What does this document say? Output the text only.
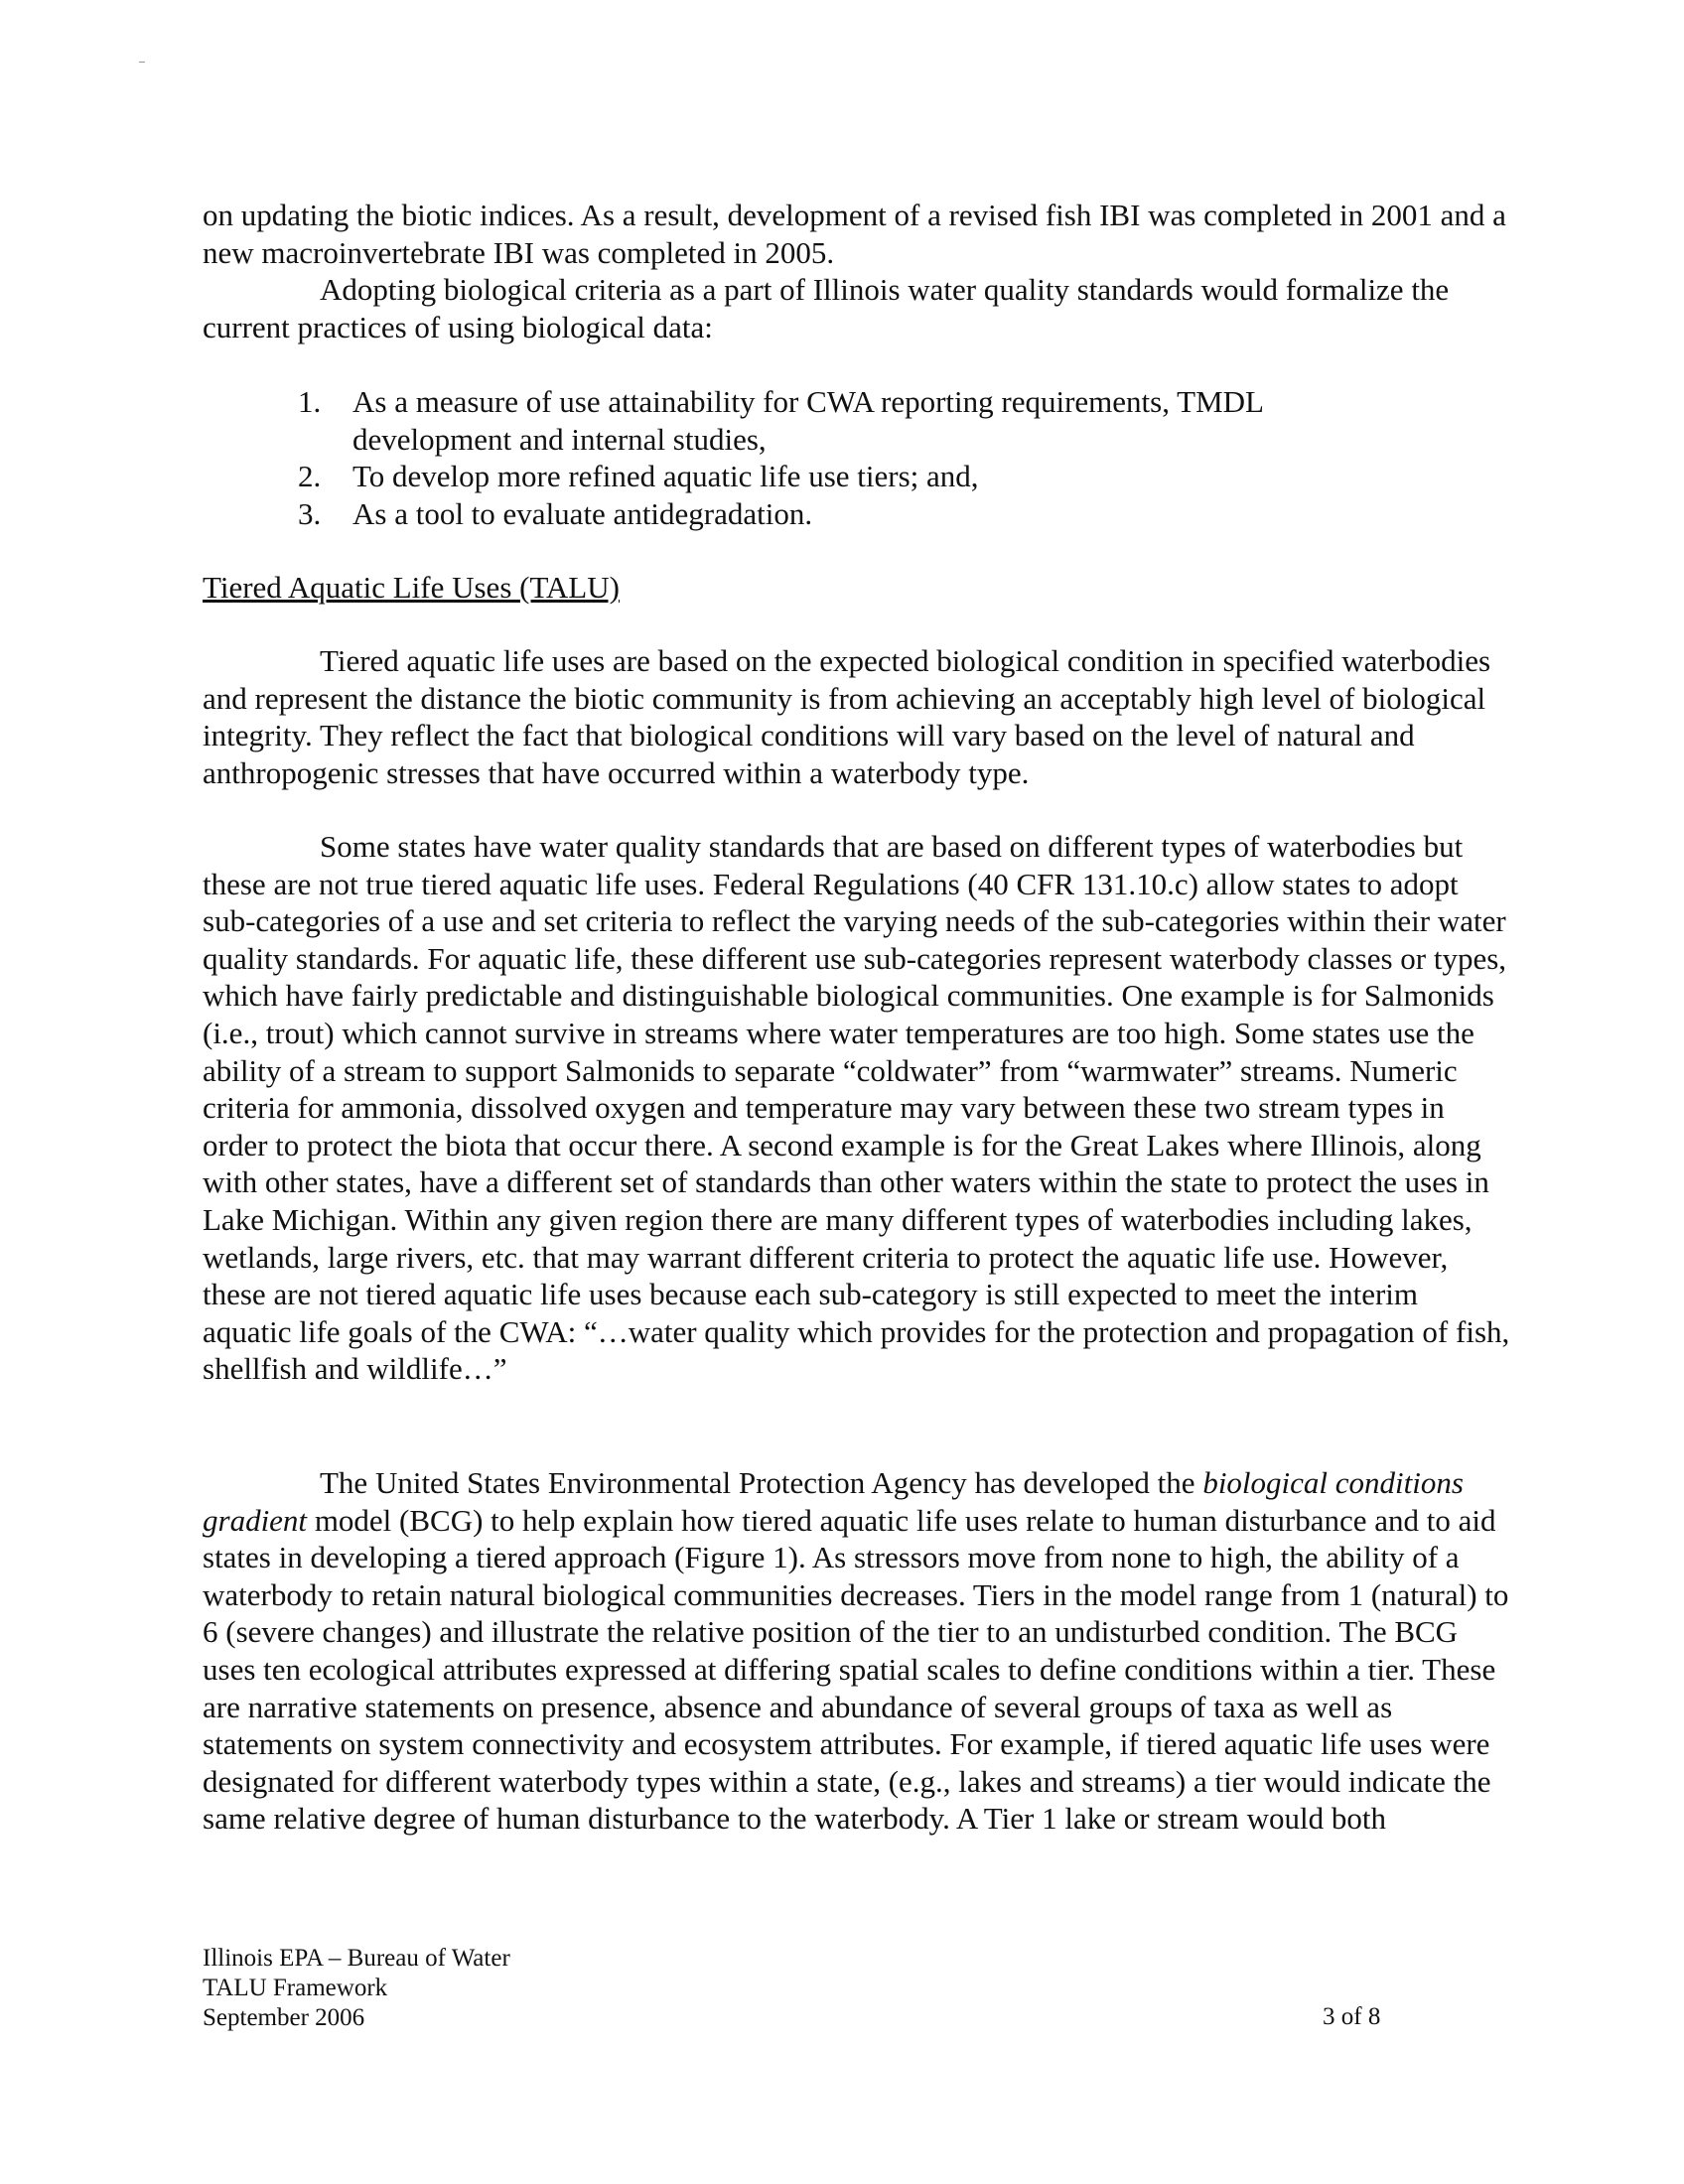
on updating the biotic indices. As a result, development of a revised fish IBI was completed in 2001 and a new macroinvertebrate IBI was completed in 2005.

Adopting biological criteria as a part of Illinois water quality standards would formalize the current practices of using biological data:

1.	As a measure of use attainability for CWA reporting requirements, TMDL development and internal studies,
2.	To develop more refined aquatic life use tiers; and,
3.	As a tool to evaluate antidegradation.
Tiered Aquatic Life Uses (TALU)
Tiered aquatic life uses are based on the expected biological condition in specified waterbodies and represent the distance the biotic community is from achieving an acceptably high level of biological integrity. They reflect the fact that biological conditions will vary based on the level of natural and anthropogenic stresses that have occurred within a waterbody type.
Some states have water quality standards that are based on different types of waterbodies but these are not true tiered aquatic life uses. Federal Regulations (40 CFR 131.10.c) allow states to adopt sub-categories of a use and set criteria to reflect the varying needs of the sub-categories within their water quality standards. For aquatic life, these different use sub-categories represent waterbody classes or types, which have fairly predictable and distinguishable biological communities. One example is for Salmonids (i.e., trout) which cannot survive in streams where water temperatures are too high. Some states use the ability of a stream to support Salmonids to separate “coldwater” from “warmwater” streams. Numeric criteria for ammonia, dissolved oxygen and temperature may vary between these two stream types in order to protect the biota that occur there. A second example is for the Great Lakes where Illinois, along with other states, have a different set of standards than other waters within the state to protect the uses in Lake Michigan. Within any given region there are many different types of waterbodies including lakes, wetlands, large rivers, etc. that may warrant different criteria to protect the aquatic life use. However, these are not tiered aquatic life uses because each sub-category is still expected to meet the interim aquatic life goals of the CWA: “…water quality which provides for the protection and propagation of fish, shellfish and wildlife…”
The United States Environmental Protection Agency has developed the biological conditions gradient model (BCG) to help explain how tiered aquatic life uses relate to human disturbance and to aid states in developing a tiered approach (Figure 1). As stressors move from none to high, the ability of a waterbody to retain natural biological communities decreases. Tiers in the model range from 1 (natural) to 6 (severe changes) and illustrate the relative position of the tier to an undisturbed condition. The BCG uses ten ecological attributes expressed at differing spatial scales to define conditions within a tier. These are narrative statements on presence, absence and abundance of several groups of taxa as well as statements on system connectivity and ecosystem attributes. For example, if tiered aquatic life uses were designated for different waterbody types within a state, (e.g., lakes and streams) a tier would indicate the same relative degree of human disturbance to the waterbody. A Tier 1 lake or stream would both
Illinois EPA – Bureau of Water
TALU Framework
September 2006	3 of 8
